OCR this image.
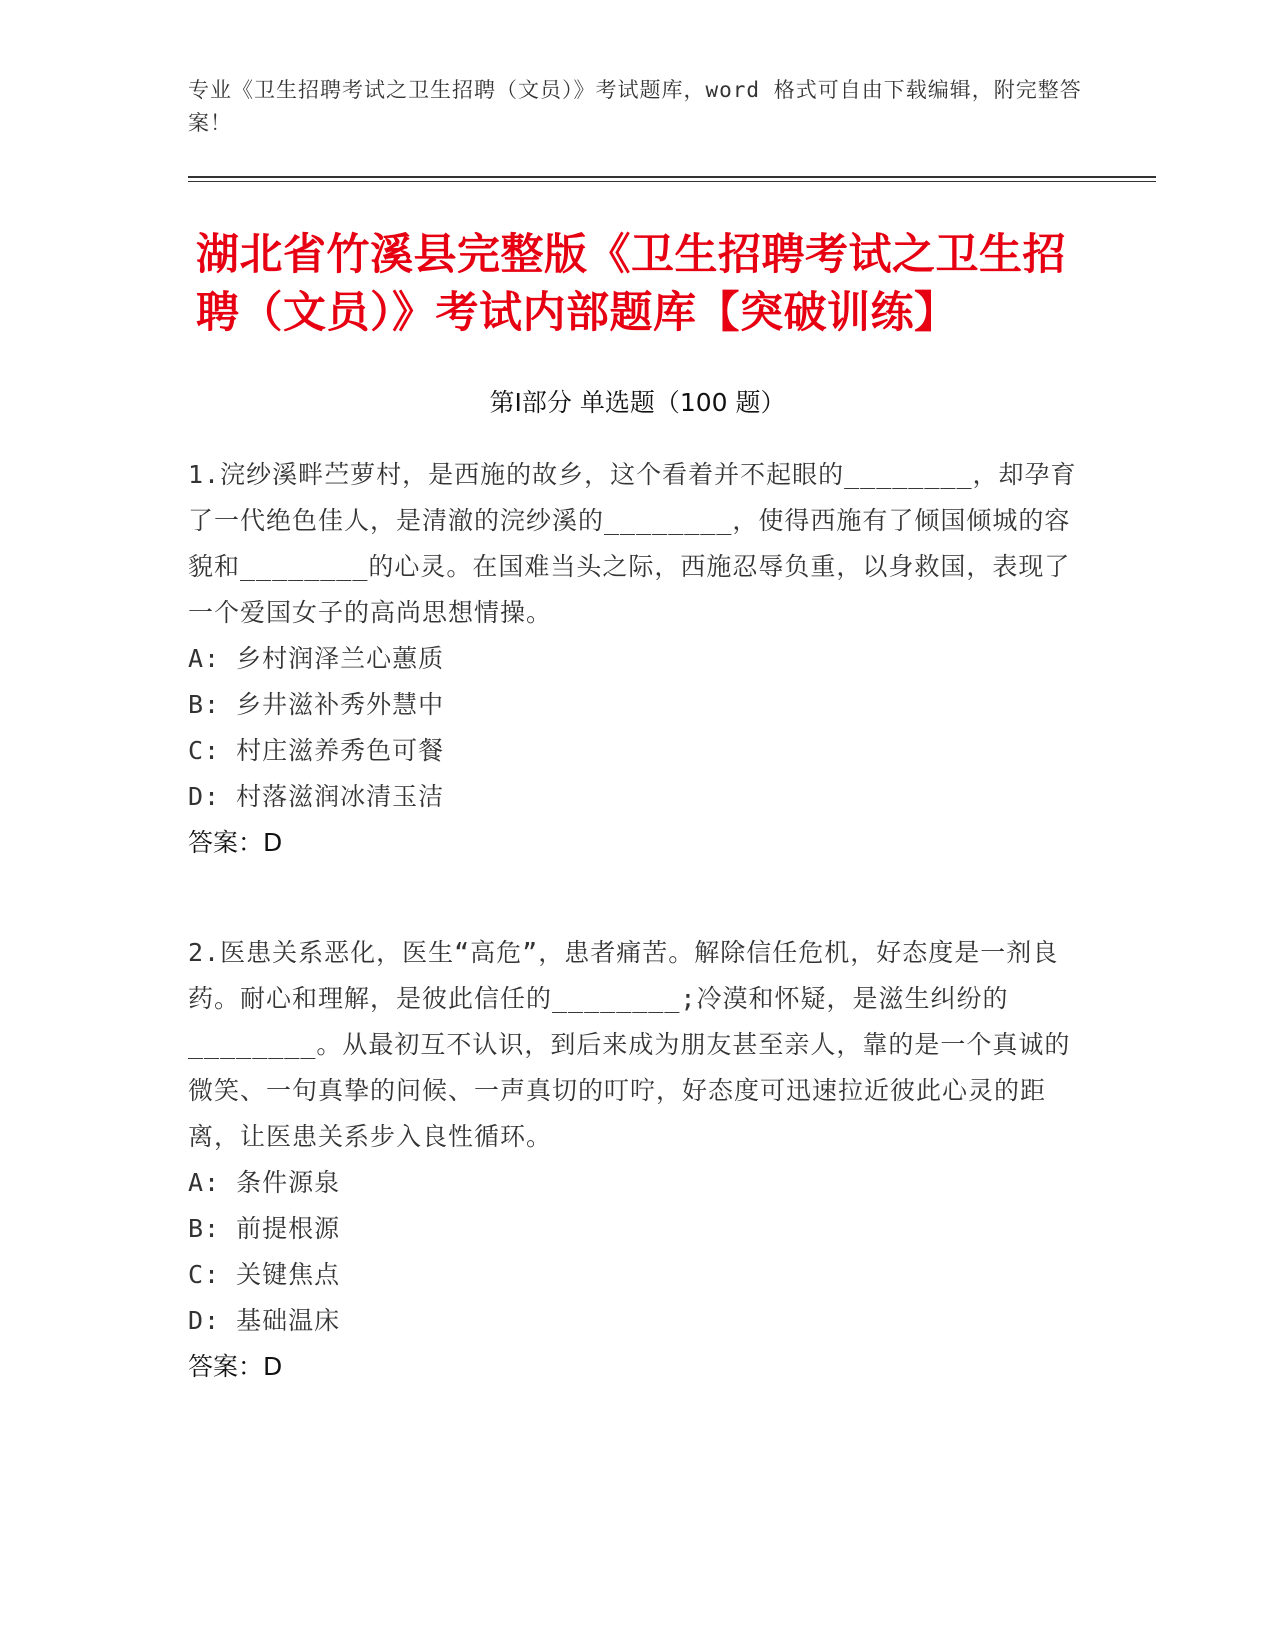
专业《卫生招聘考试之卫生招聘（文员）》考试题库，word 格式可自由下载编辑，附完整答案！
湖北省竹溪县完整版《卫生招聘考试之卫生招聘（文员）》考试内部题库【突破训练】
第Ⅰ部分 单选题（100 题）
1.浣纱溪畔苎萝村，是西施的故乡，这个看着并不起眼的________，却孕育了一代绝色佳人，是清澈的浣纱溪的________，使得西施有了倾国倾城的容貌和________的心灵。在国难当头之际，西施忍辱负重，以身救国，表现了一个爱国女子的高尚思想情操。
A: 乡村润泽兰心蕙质
B: 乡井滋补秀外慧中
C: 村庄滋养秀色可餐
D: 村落滋润冰清玉洁
答案：D
2.医患关系恶化，医生“高危”，患者痛苦。解除信任危机，好态度是一剂良药。耐心和理解，是彼此信任的________;冷漠和怀疑，是滋生纠纷的________。从最初互不认识，到后来成为朋友甚至亲人，靠的是一个真诚的微笑、一句真挚的问候、一声真切的叮咛，好态度可迅速拉近彼此心灵的距离，让医患关系步入良性循环。
A: 条件源泉
B: 前提根源
C: 关键焦点
D: 基础温床
答案：D
